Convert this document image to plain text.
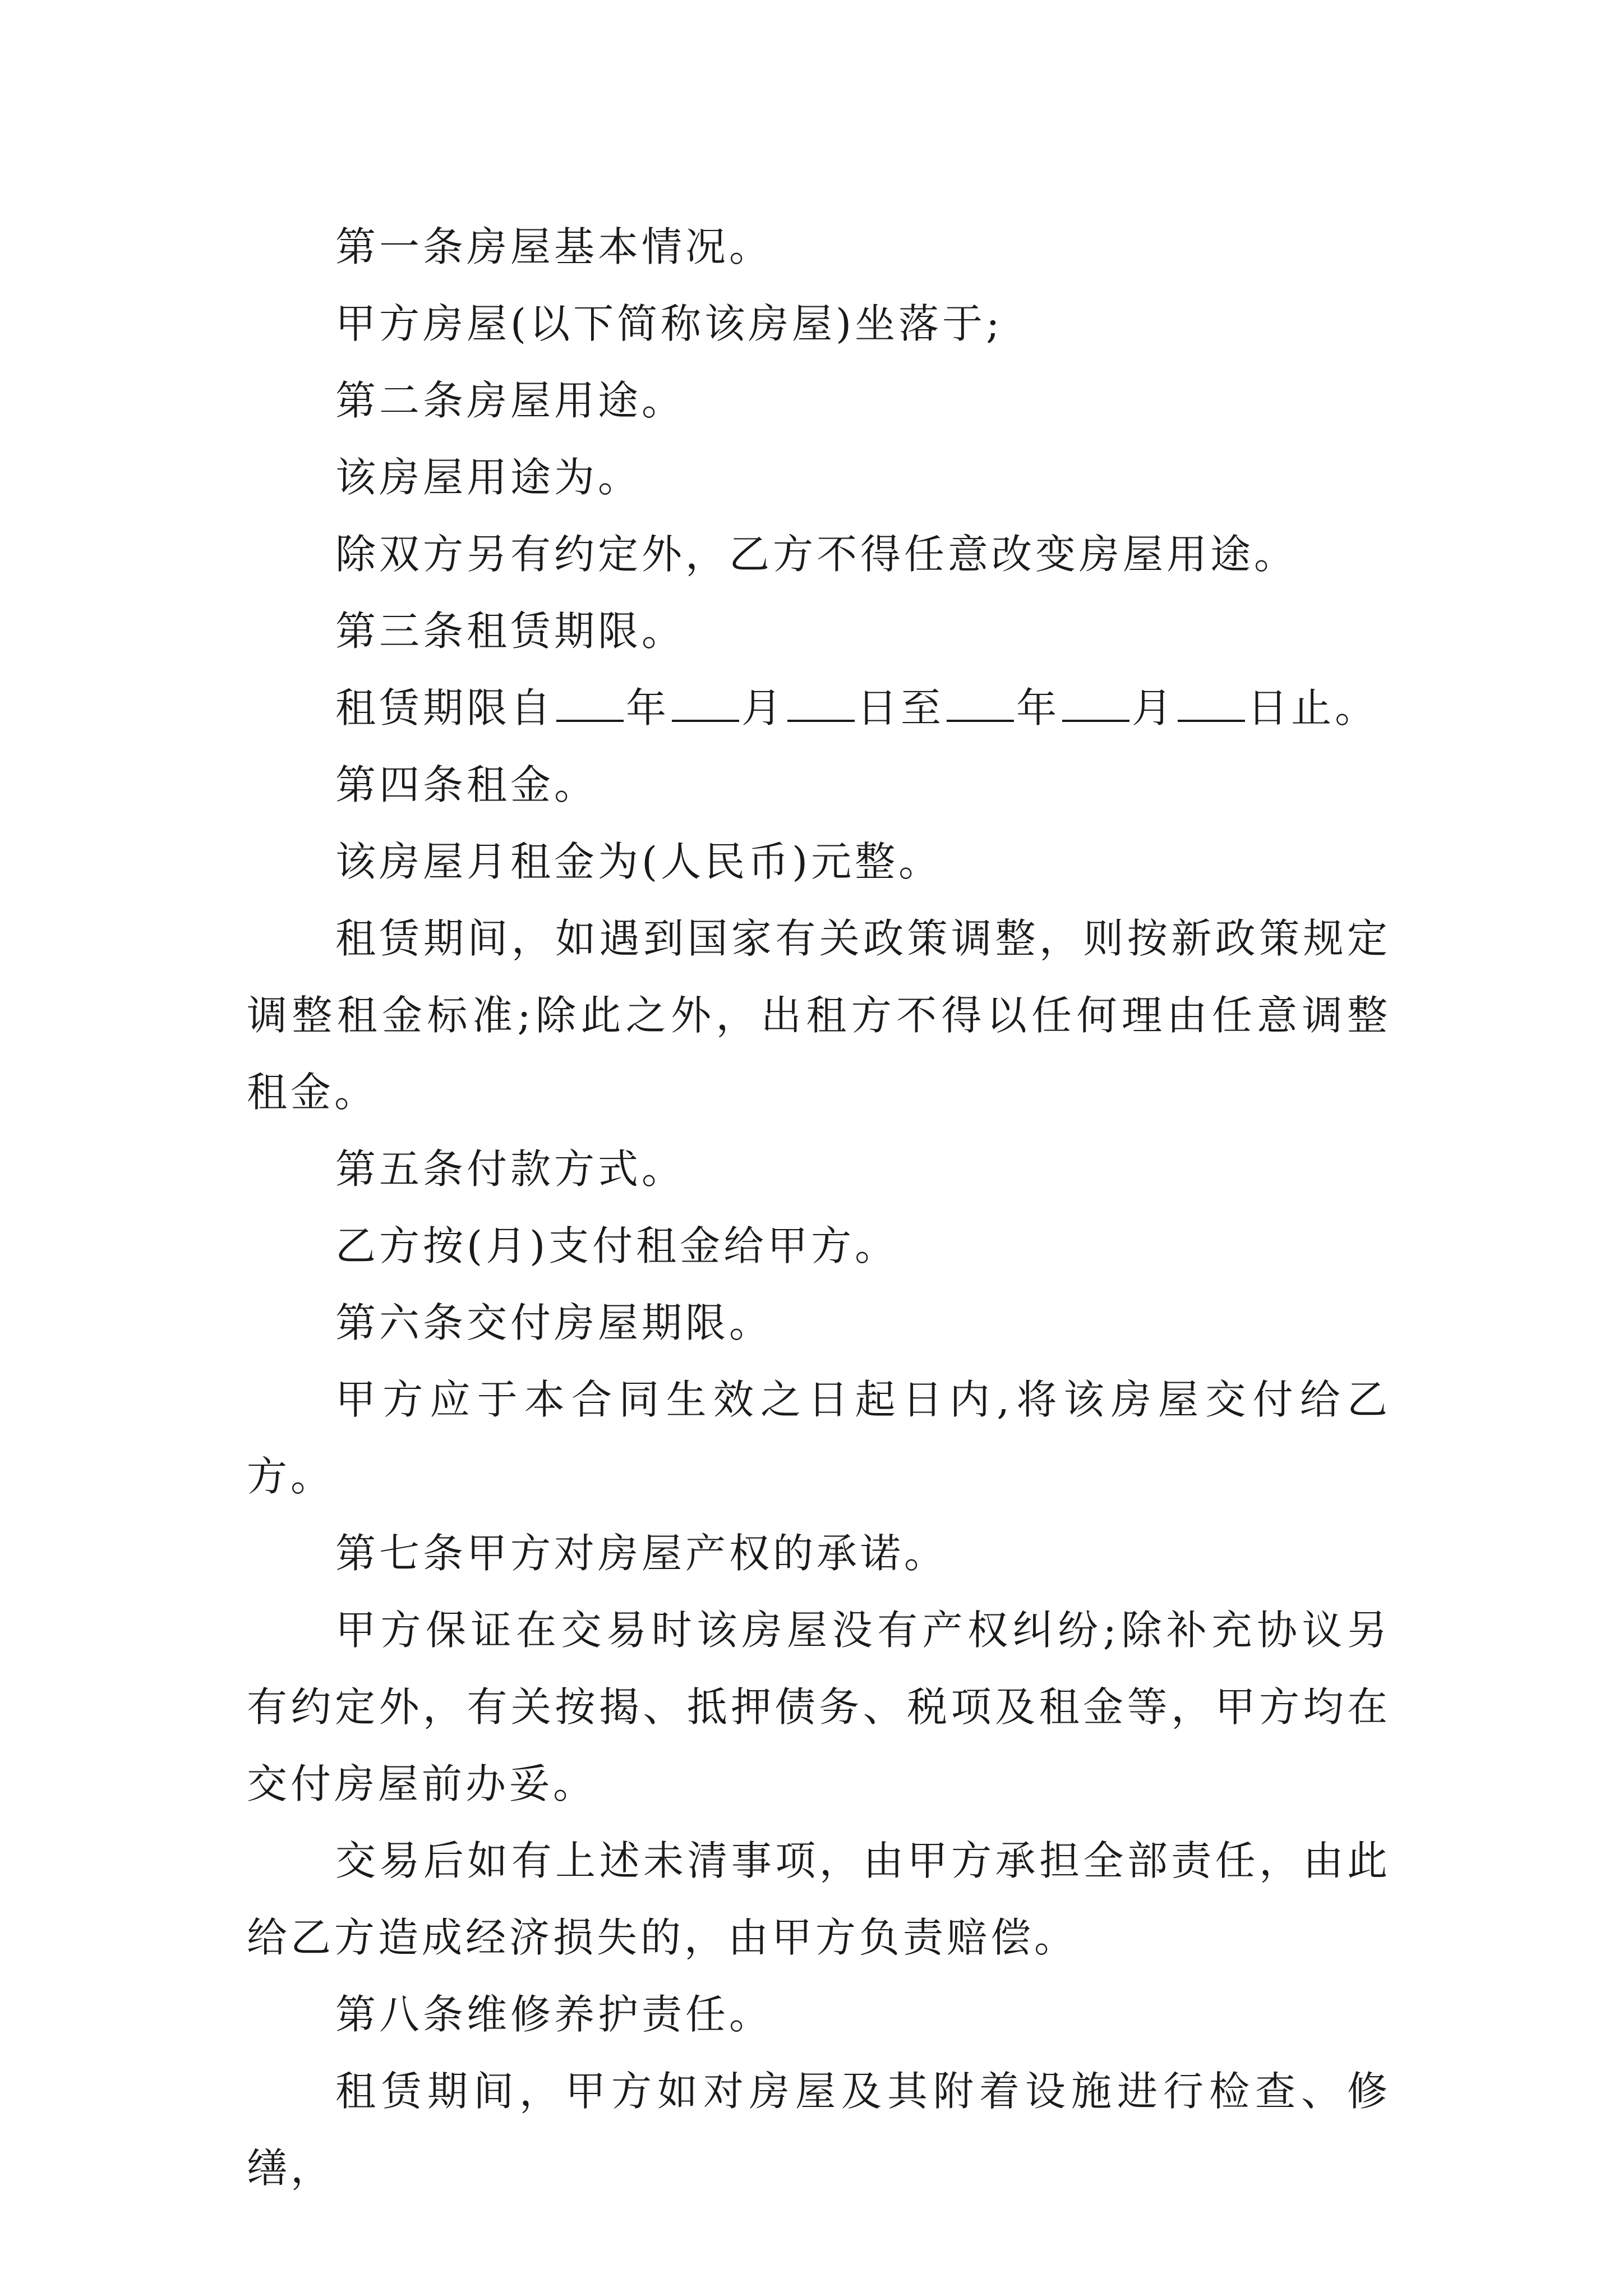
第一条房屋基本情况。

甲方房屋(以下简称该房屋)坐落于;

第二条房屋用途。

该房屋用途为。

除双方另有约定外，乙方不得任意改变房屋用途。

第三条租赁期限。

租赁期限自 年 月 日至 年 月 日止。

第四条租金。

该房屋月租金为(人民币)元整。

租赁期间，如遇到国家有关政策调整，则按新政策规定调整租金标准;除此之外，出租方不得以任何理由任意调整租金。

第五条付款方式。

乙方按(月)支付租金给甲方。

第六条交付房屋期限。

甲方应于本合同生效之日起日内,将该房屋交付给乙方。

第七条甲方对房屋产权的承诺。

甲方保证在交易时该房屋没有产权纠纷;除补充协议另有约定外，有关按揭、抵押债务、税项及租金等，甲方均在交付房屋前办妥。

交易后如有上述未清事项，由甲方承担全部责任，由此给乙方造成经济损失的，由甲方负责赔偿。

第八条维修养护责任。

租赁期间，甲方如对房屋及其附着设施进行检查、修缮，
